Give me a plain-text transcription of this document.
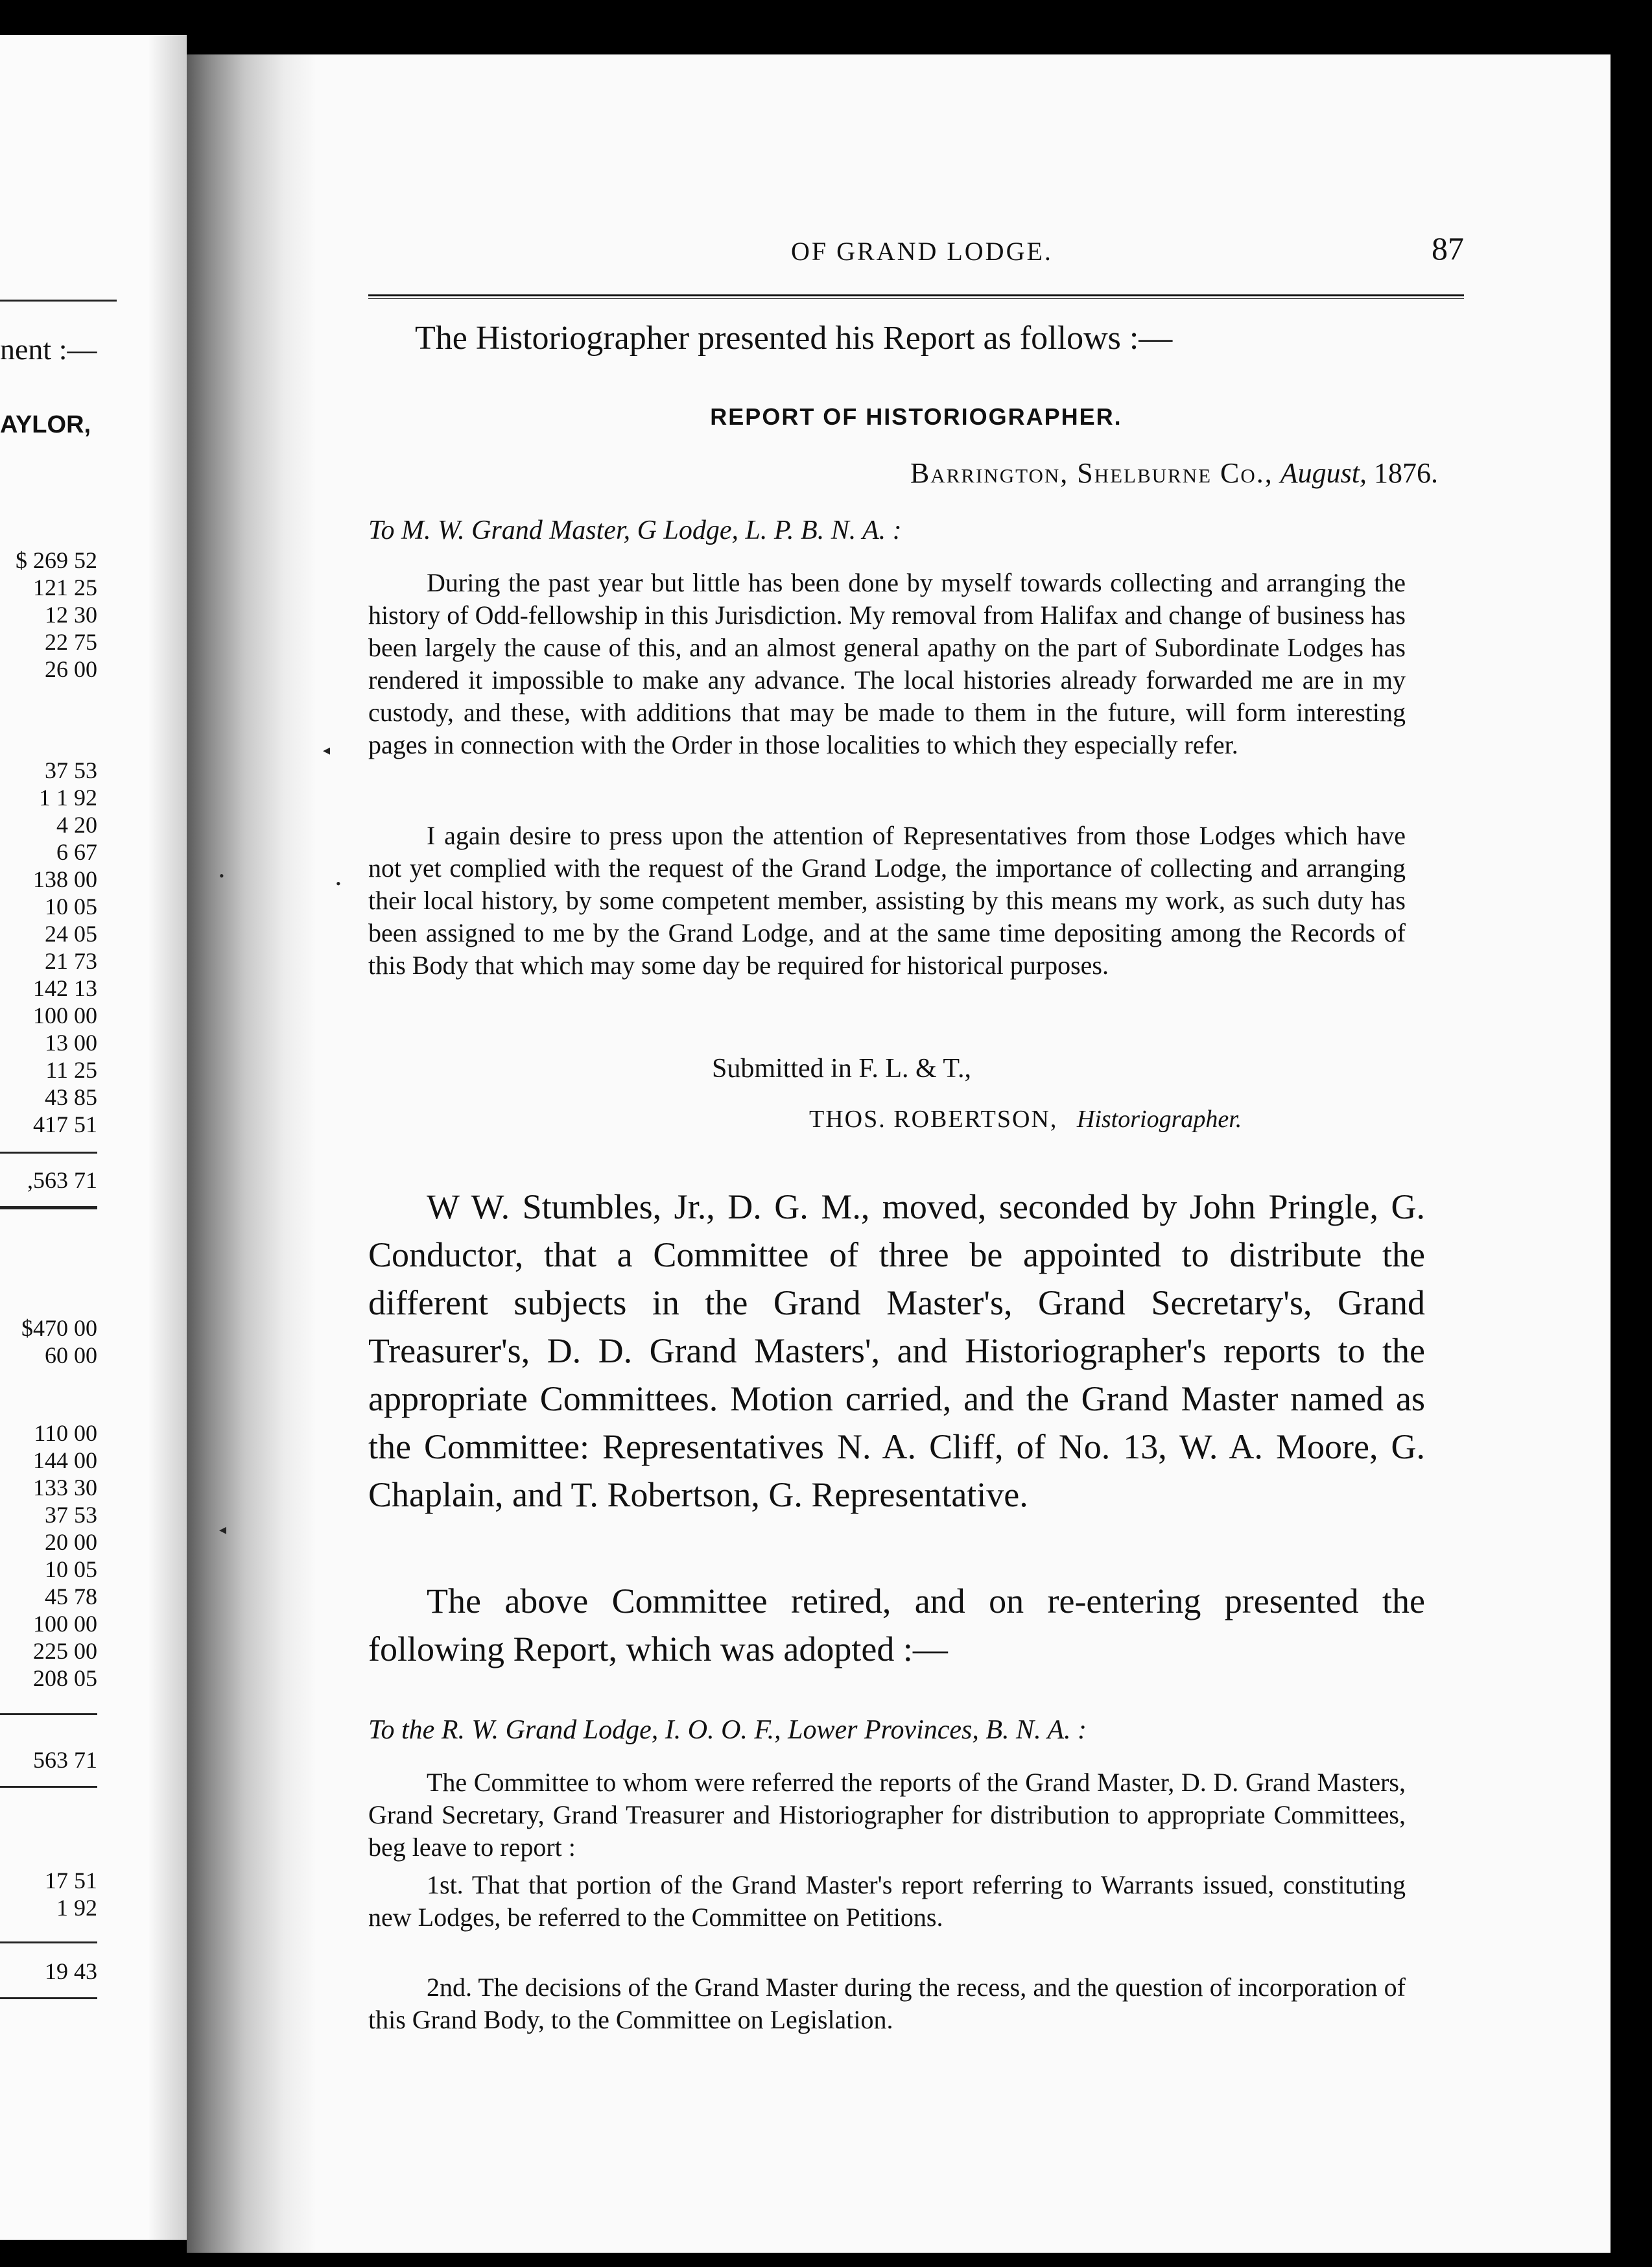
nent :—
AYLOR,
$ 269 52
121 25
12 30
22 75
26 00
37 53
1 1 92
4 20
6 67
138 00
10 05
24 05
21 73
142 13
100 00
13 00
11 25
43 85
417 51
,563 71
$470 00
60 00
110 00
144 00
133 30
37 53
20 00
10 05
45 78
100 00
225 00
208 05
563 71
17 51
1 92
19 43
OF GRAND LODGE.	87
The Historiographer presented his Report as follows :—
REPORT OF HISTORIOGRAPHER.
Barrington, Shelburne Co., August, 1876.
To M. W. Grand Master, G Lodge, L. P. B. N. A. :

During the past year but little has been done by myself towards collecting and arranging the history of Odd-fellowship in this Jurisdiction. My removal from Halifax and change of business has been largely the cause of this, and an almost general apathy on the part of Subordinate Lodges has rendered it impossible to make any advance. The local histories already forwarded me are in my custody, and these, with additions that may be made to them in the future, will form interesting pages in connection with the Order in those localities to which they especially refer.

I again desire to press upon the attention of Representatives from those Lodges which have not yet complied with the request of the Grand Lodge, the importance of collecting and arranging their local history, by some competent member, assisting by this means my work, as such duty has been assigned to me by the Grand Lodge, and at the same time depositing among the Records of this Body that which may some day be required for historical purposes.

Submitted in F. L. & T.,
THOS. ROBERTSON, Historiographer.

W W. Stumbles, Jr., D. G. M., moved, seconded by John Pringle, G. Conductor, that a Committee of three be appointed to distribute the different subjects in the Grand Master's, Grand Secretary's, Grand Treasurer's, D. D. Grand Masters', and Historiographer's reports to the appropriate Committees. Motion carried, and the Grand Master named as the Committee: Representatives N. A. Cliff, of No. 13, W. A. Moore, G. Chaplain, and T. Robertson, G. Representative.

The above Committee retired, and on re-entering presented the following Report, which was adopted :—

To the R. W. Grand Lodge, I. O. O. F., Lower Provinces, B. N. A. :

The Committee to whom were referred the reports of the Grand Master, D. D. Grand Masters, Grand Secretary, Grand Treasurer and Historiographer for distribution to appropriate Committees, beg leave to report :

1st. That that portion of the Grand Master's report referring to Warrants issued, constituting new Lodges, be referred to the Committee on Petitions.

2nd. The decisions of the Grand Master during the recess, and the question of incorporation of this Grand Body, to the Committee on Legislation.

◂
•
•
◂
